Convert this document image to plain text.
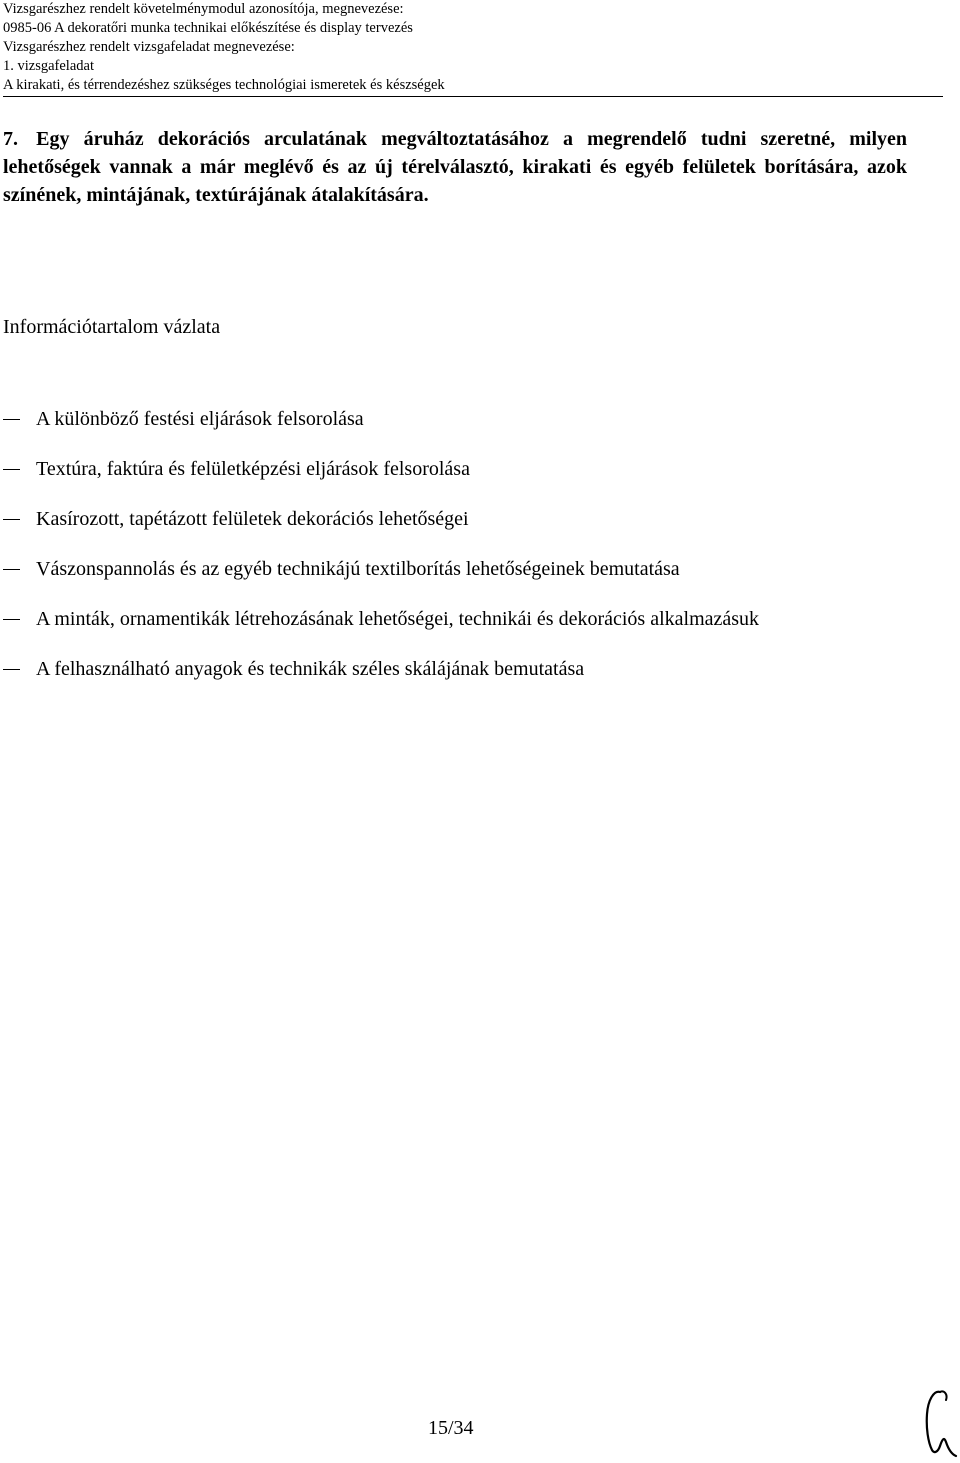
Vizsgarészhez rendelt követelménymodul azonosítója, megnevezése:
0985-06 A dekoratőri munka technikai előkészítése és display tervezés
Vizsgarészhez rendelt vizsgafeladat megnevezése:
1. vizsgafeladat
A kirakati, és térrendezéshez szükséges technológiai ismeretek és készségek
7. Egy áruház dekorációs arculatának megváltoztatásához a megrendelő tudni szeretné, milyen lehetőségek vannak a már meglévő és az új térelválasztó, kirakati és egyéb felületek borítására, azok színének, mintájának, textúrájának átalakítására.
Információtartalom vázlata
A különböző festési eljárások felsorolása
Textúra, faktúra és felületképzési eljárások felsorolása
Kasírozott, tapétázott felületek dekorációs lehetőségei
Vászonspannolás és az egyéb technikájú textilborítás lehetőségeinek bemutatása
A minták, ornamentikák létrehozásának lehetőségei, technikái és dekorációs alkalmazásuk
A felhasználható anyagok és technikák széles skálájának bemutatása
15/34
